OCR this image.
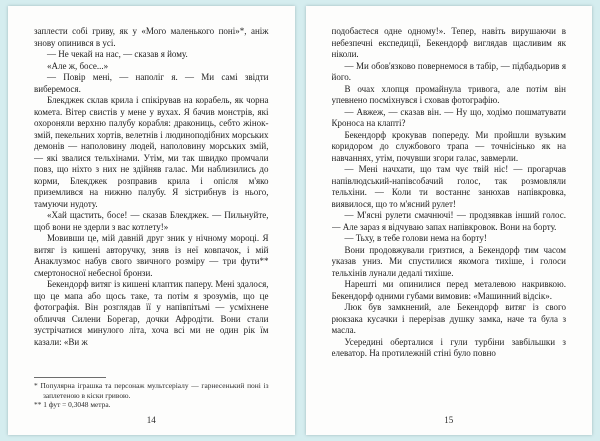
заплести собі гриву, як у «Мого маленького поні»*, аніж знову опинився в усі.

— Не чекай на нас, — сказав я йому.

«Але ж, босе...»

— Повір мені, — наполіг я. — Ми самі звідти виберемося.

Блекджек склав крила і спікірував на корабель, як чорна комета. Вітер свистів у мене у вухах. Я бачив монстрів, які охороняли верхню палубу корабля: дракониць, себто жінок-змій, пекельних хортів, велетнів і людиноподібних морських демонів — наполовину людей, наполовину морських змій, — які звалися тельхінами. Утім, ми так швидко промчали повз, що ніхто з них не здійняв галас. Ми наблизились до корми, Блекджек розправив крила і опісля м'яко приземлився на нижню палубу. Я зістрибнув із нього, тамуючи нудоту.

«Хай щастить, босе! — сказав Блекджек. — Пильнуйте, щоб вони не здерли з вас котлету!»

Мовивши це, мій давній друг зник у нічному мороці. Я витяг із кишені авторучку, зняв із неї ковпачок, і мій Анаклузмос набув свого звичного розміру — три фути** смертоносної небесної бронзи.

Бекендорф витяг із кишені клаптик паперу. Мені здалося, що це мапа або щось таке, та потім я зрозумів, що це фотографія. Він розглядав її у напівпітьмі — усміхнене обличчя Силени Борегар, дочки Афродіти. Вони стали зустрічатися минулого літа, хоча всі ми не один рік їм казали: «Ви ж

* Популярна іграшка та персонаж мультсеріалу — гарнесенький поні із заплетеною в кіски гривою.

** 1 фут = 0,3048 метра.

14

подобаєтеся одне одному!». Тепер, навіть вирушаючи в небезпечні експедиції, Бекендорф виглядав щасливим як ніколи.

— Ми обов'язково повернемося в табір, — підбадьорив я його.

В очах хлопця промайнула тривога, але потім він упевнено посміхнувся і сховав фотографію.

— Авжеж, — сказав він. — Ну що, ходімо пошматувати Кроноса на клапті?

Бекендорф крокував попереду. Ми пройшли вузьким коридором до службового трапа — точнісінько як на навчаннях, утім, почувши згори галас, завмерли.

— Мені начхати, що там чує твій ніс! — прогарчав напівлюдський-напівсобачий голос, так розмовляли тельхіни. — Коли ти востаннє занюхав напівкровка, виявилося, що то м'ясний рулет!

— М'ясні рулети смачнючі! — продзявкав інший голос. — Але зараз я відчуваю запах напівкровок. Вони на борту.

— Тьху, в тебе голови нема на борту!

Вони продовжували гризтися, а Бекендорф тим часом указав униз. Ми спустилися якомога тихіше, і голоси тельхінів лунали дедалі тихіше.

Нарешті ми опинилися перед металевою накривкою. Бекендорф одними губами вимовив: «Машинний відсік».

Люк був замкнений, але Бекендорф витяг із свого рюкзака кусачки і перерізав душку замка, наче та була з масла.

Усередині оберталися і гули турбіни завбільшки з елеватор. На протилежній стіні було повно

15
